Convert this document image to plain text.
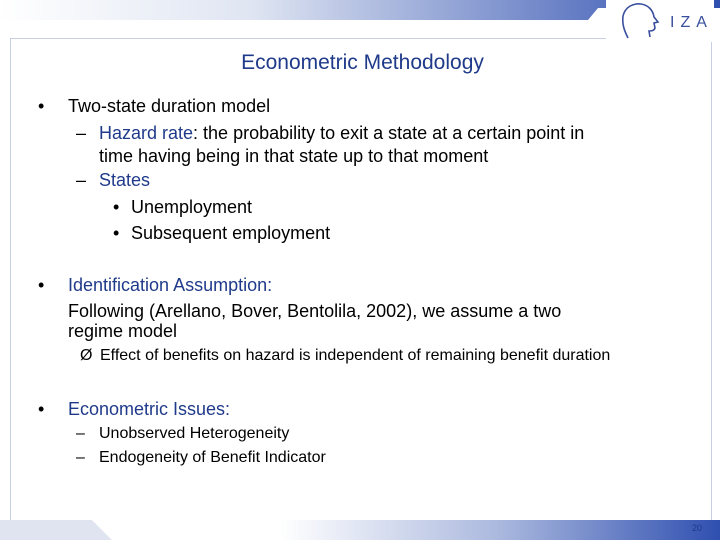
IZA
Econometric Methodology
• Two-state duration model
– Hazard rate: the probability to exit a state at a certain point in
time having being in that state up to that moment
– States
• Unemployment
• Subsequent employment
• Identification Assumption:
Following (Arellano, Bover, Bentolila, 2002), we assume a two
regime model
Ø Effect of benefits on hazard is independent of remaining benefit duration
• Econometric Issues:
– Unobserved Heterogeneity
– Endogeneity of Benefit Indicator
20
